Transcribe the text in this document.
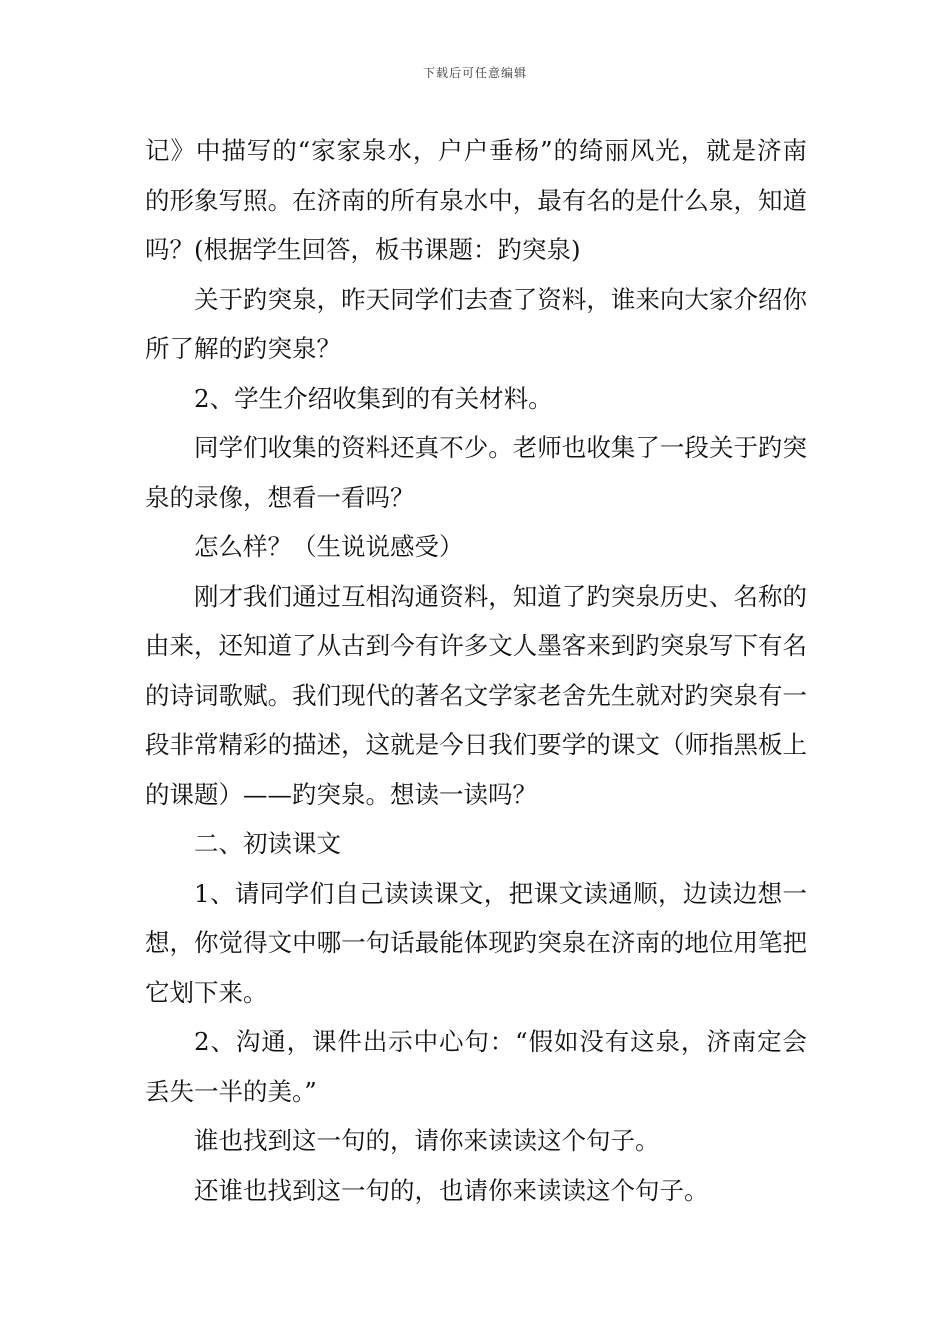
下载后可任意编辑

记》中描写的“家家泉水，户户垂杨”的绮丽风光，就是济南的形象写照。在济南的所有泉水中，最有名的是什么泉，知道吗？(根据学生回答，板书课题：趵突泉)

关于趵突泉，昨天同学们去查了资料，谁来向大家介绍你所了解的趵突泉？

2、学生介绍收集到的有关材料。

同学们收集的资料还真不少。老师也收集了一段关于趵突泉的录像，想看一看吗？

怎么样？（生说说感受）

刚才我们通过互相沟通资料，知道了趵突泉历史、名称的由来，还知道了从古到今有许多文人墨客来到趵突泉写下有名的诗词歌赋。我们现代的著名文学家老舍先生就对趵突泉有一段非常精彩的描述，这就是今日我们要学的课文（师指黑板上的课题）——趵突泉。想读一读吗？

二、初读课文

1、请同学们自己读读课文，把课文读通顺，边读边想一想，你觉得文中哪一句话最能体现趵突泉在济南的地位用笔把它划下来。

2、沟通，课件出示中心句：“假如没有这泉，济南定会丢失一半的美。”

谁也找到这一句的，请你来读读这个句子。

还谁也找到这一句的，也请你来读读这个句子。
